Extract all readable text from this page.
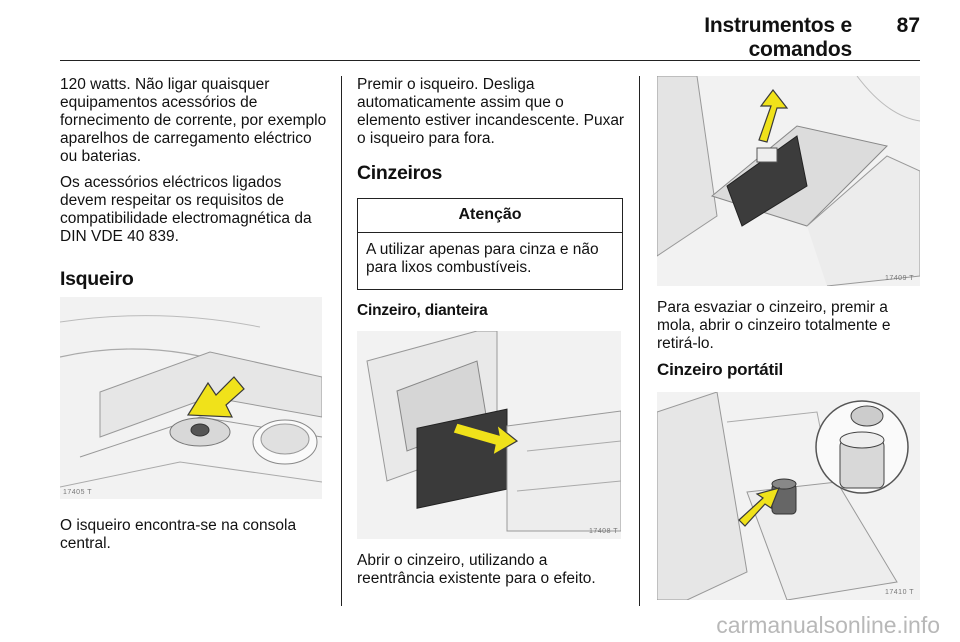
Instrumentos e comandos
87

120 watts. Não ligar quaisquer equipamentos acessórios de fornecimento de corrente, por exemplo aparelhos de carregamento eléctrico ou baterias.

Os acessórios eléctricos ligados devem respeitar os requisitos de compatibilidade electromagnética da DIN VDE 40 839.

Isqueiro
17405 T

O isqueiro encontra-se na consola central.

Premir o isqueiro. Desliga automaticamente assim que o elemento estiver incandescente. Puxar o isqueiro para fora.

Cinzeiros
Atenção
A utilizar apenas para cinza e não para lixos combustíveis.
Cinzeiro, dianteira
17408 T

Abrir o cinzeiro, utilizando a reentrância existente para o efeito.

17409 T

Para esvaziar o cinzeiro, premir a mola, abrir o cinzeiro totalmente e retirá-lo.

Cinzeiro portátil
17410 T
carmanualsonline.info
